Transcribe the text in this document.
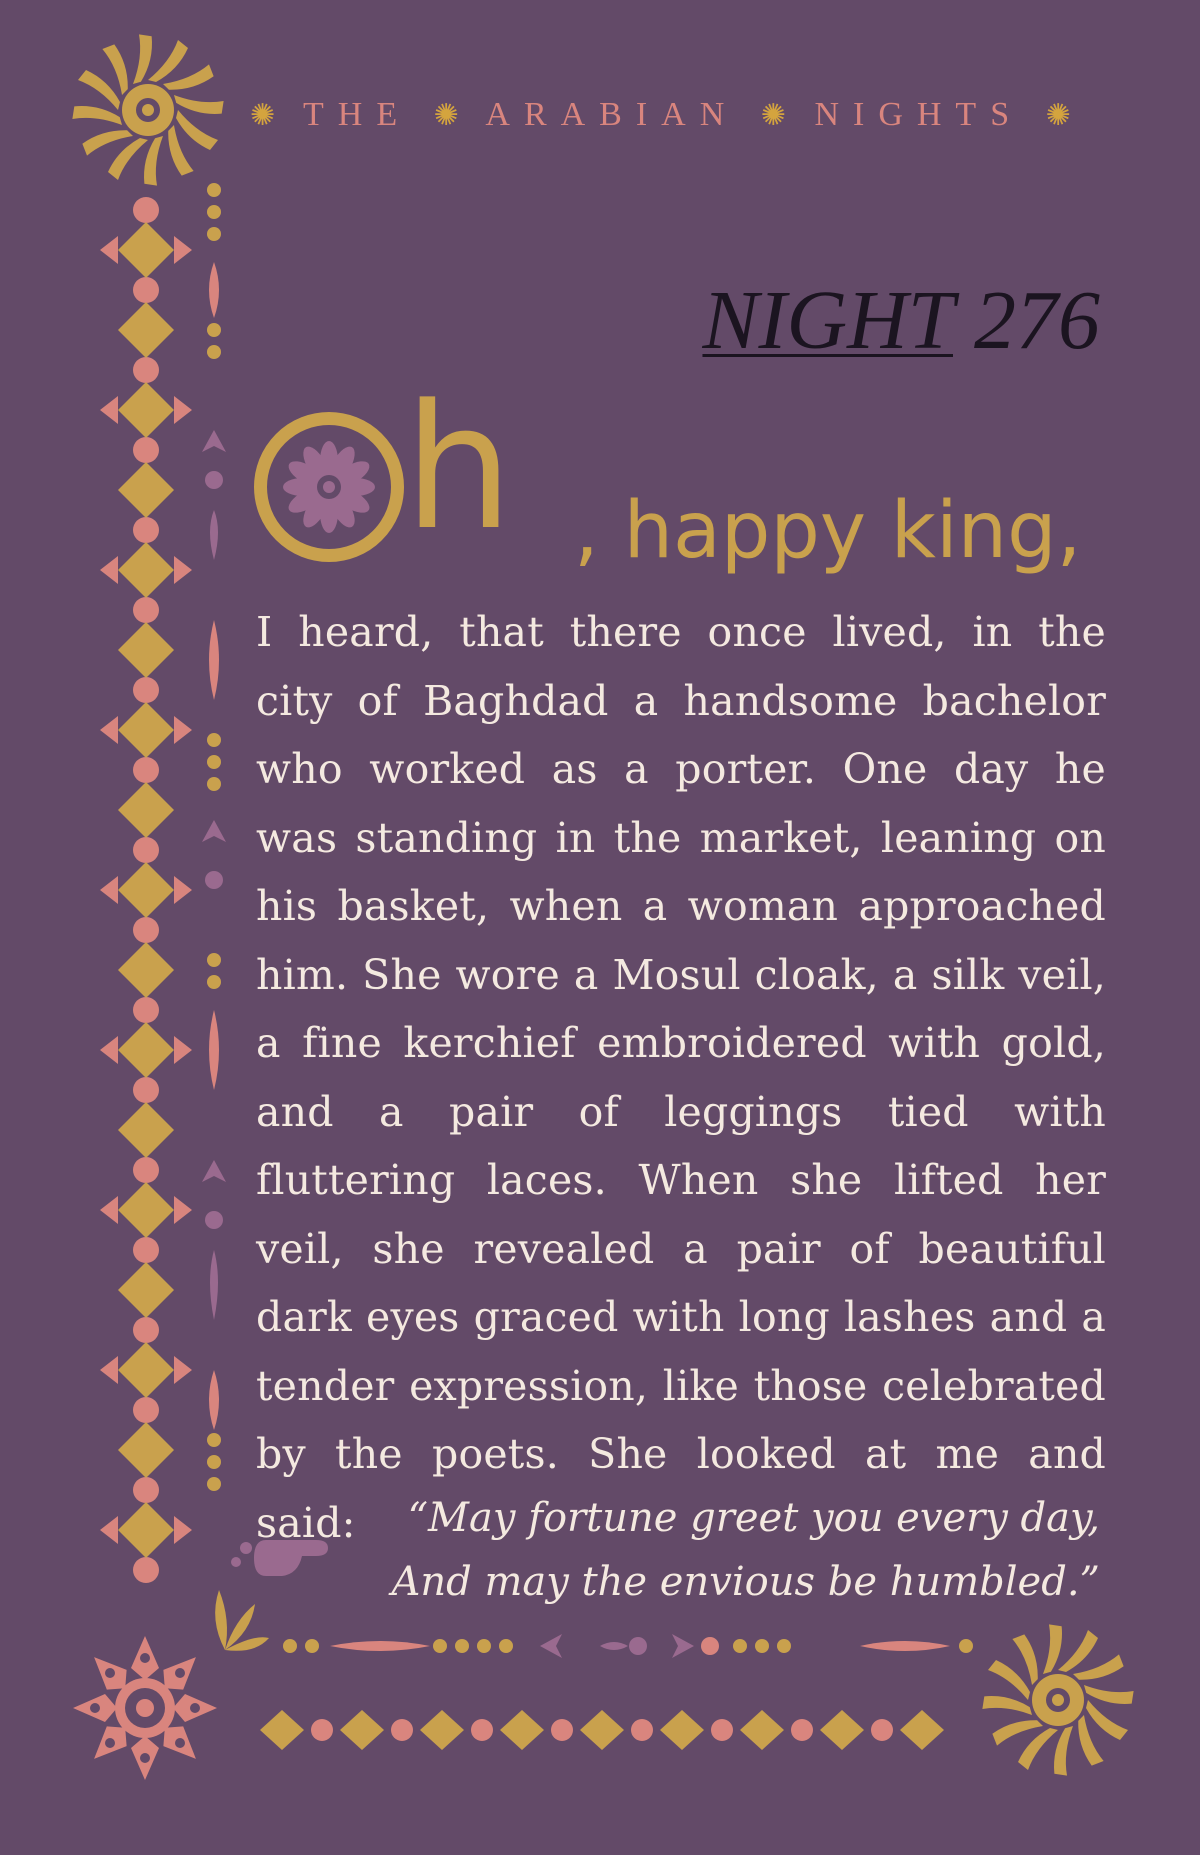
✺ THE ✺ ARABIAN ✺ NIGHTS ✺
NIGHT 276
h , happy king,

I heard, that there once lived, in the city of Baghdad a handsome bachelor who worked as a porter. One day he was standing in the market, leaning on his basket, when a woman approached him. She wore a Mosul cloak, a silk veil, a fine kerchief embroidered with gold, and a pair of leggings tied with fluttering laces. When she lifted her veil, she revealed a pair of beautiful dark eyes graced with long lashes and a tender expression, like those celebrated by the poets. She looked at me and said:	“May fortune greet you every day,
And may the envious be humbled.”
